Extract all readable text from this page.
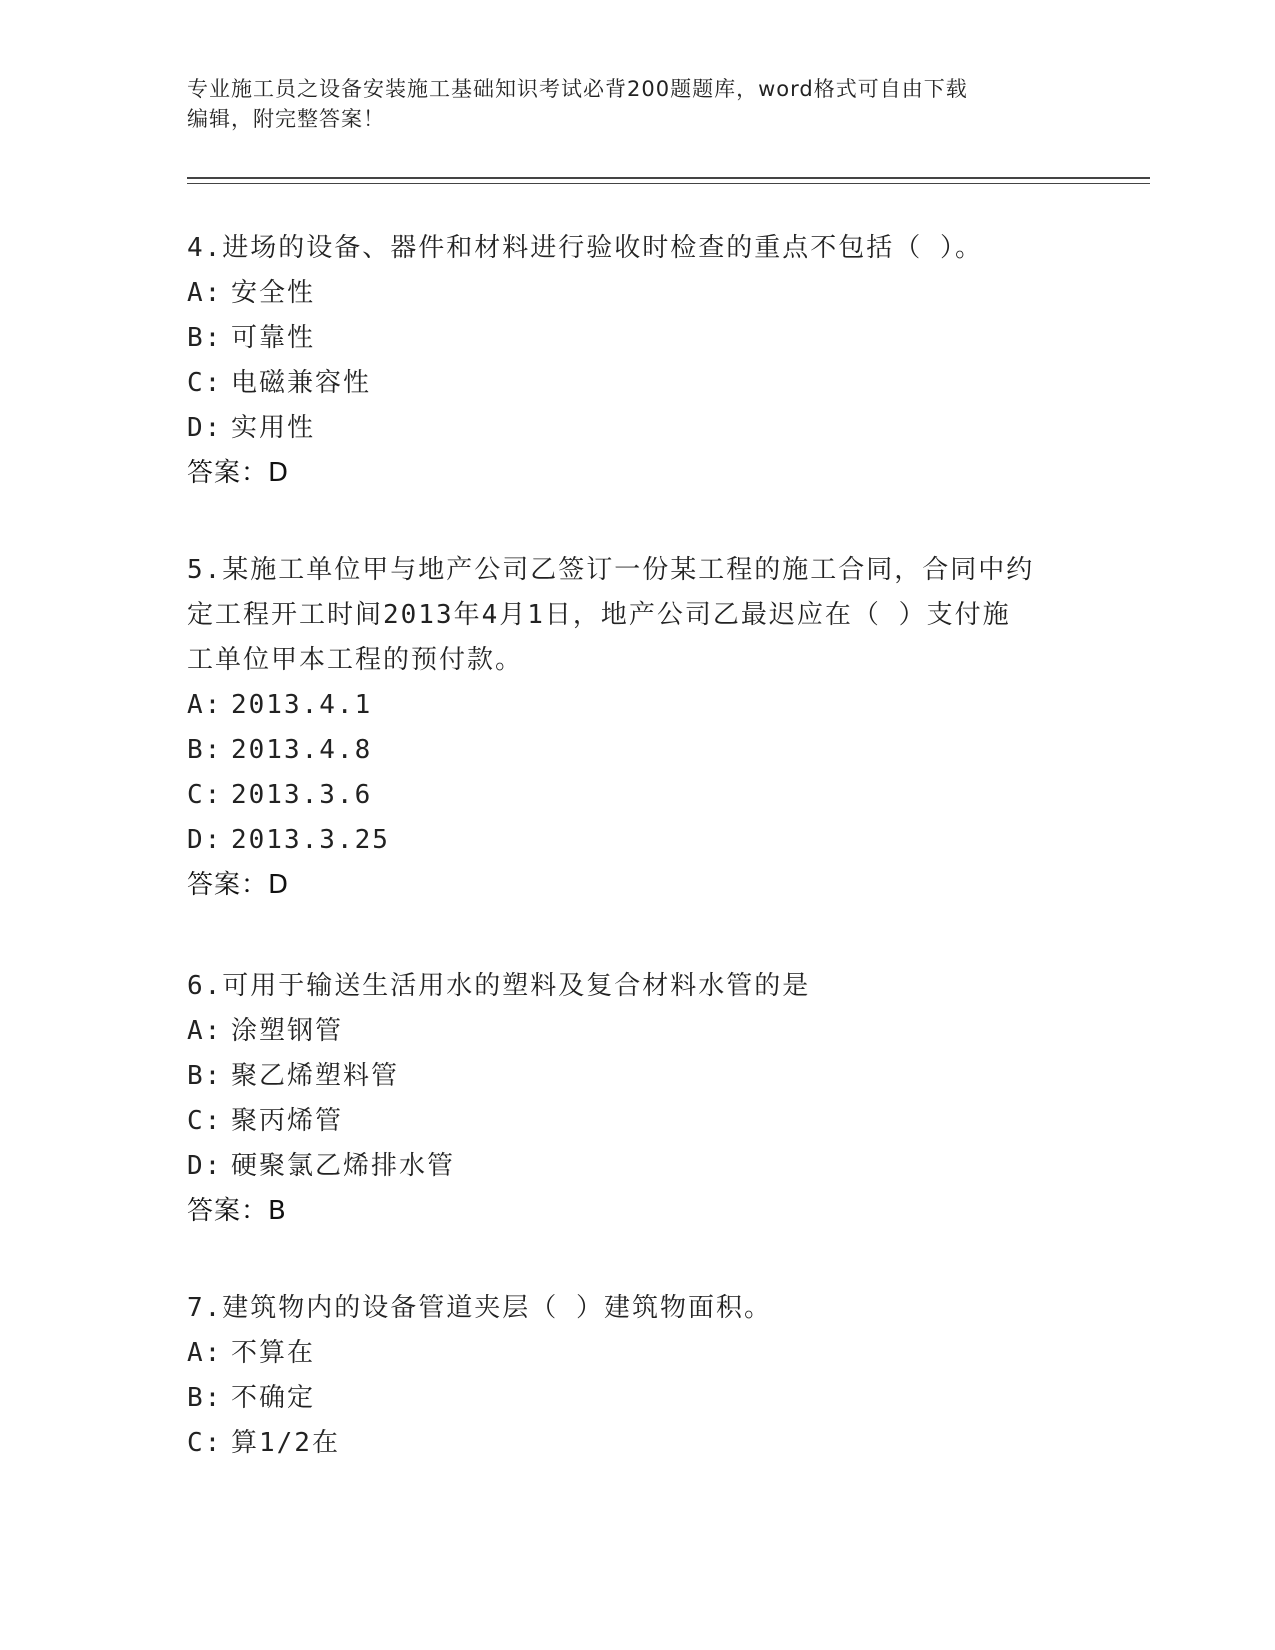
专业施工员之设备安装施工基础知识考试必背200题题库，word格式可自由下载
编辑，附完整答案！
4.进场的设备、器件和材料进行验收时检查的重点不包括（ ）。
A: 安全性
B: 可靠性
C: 电磁兼容性
D: 实用性
答案：D
5.某施工单位甲与地产公司乙签订一份某工程的施工合同，合同中约
定工程开工时间2013年4月1日，地产公司乙最迟应在（ ）支付施
工单位甲本工程的预付款。
A: 2013.4.1
B: 2013.4.8
C: 2013.3.6
D: 2013.3.25
答案：D
6.可用于输送生活用水的塑料及复合材料水管的是
A: 涂塑钢管
B: 聚乙烯塑料管
C: 聚丙烯管
D: 硬聚氯乙烯排水管
答案：B
7.建筑物内的设备管道夹层（ ）建筑物面积。
A: 不算在
B: 不确定
C: 算1/2在
